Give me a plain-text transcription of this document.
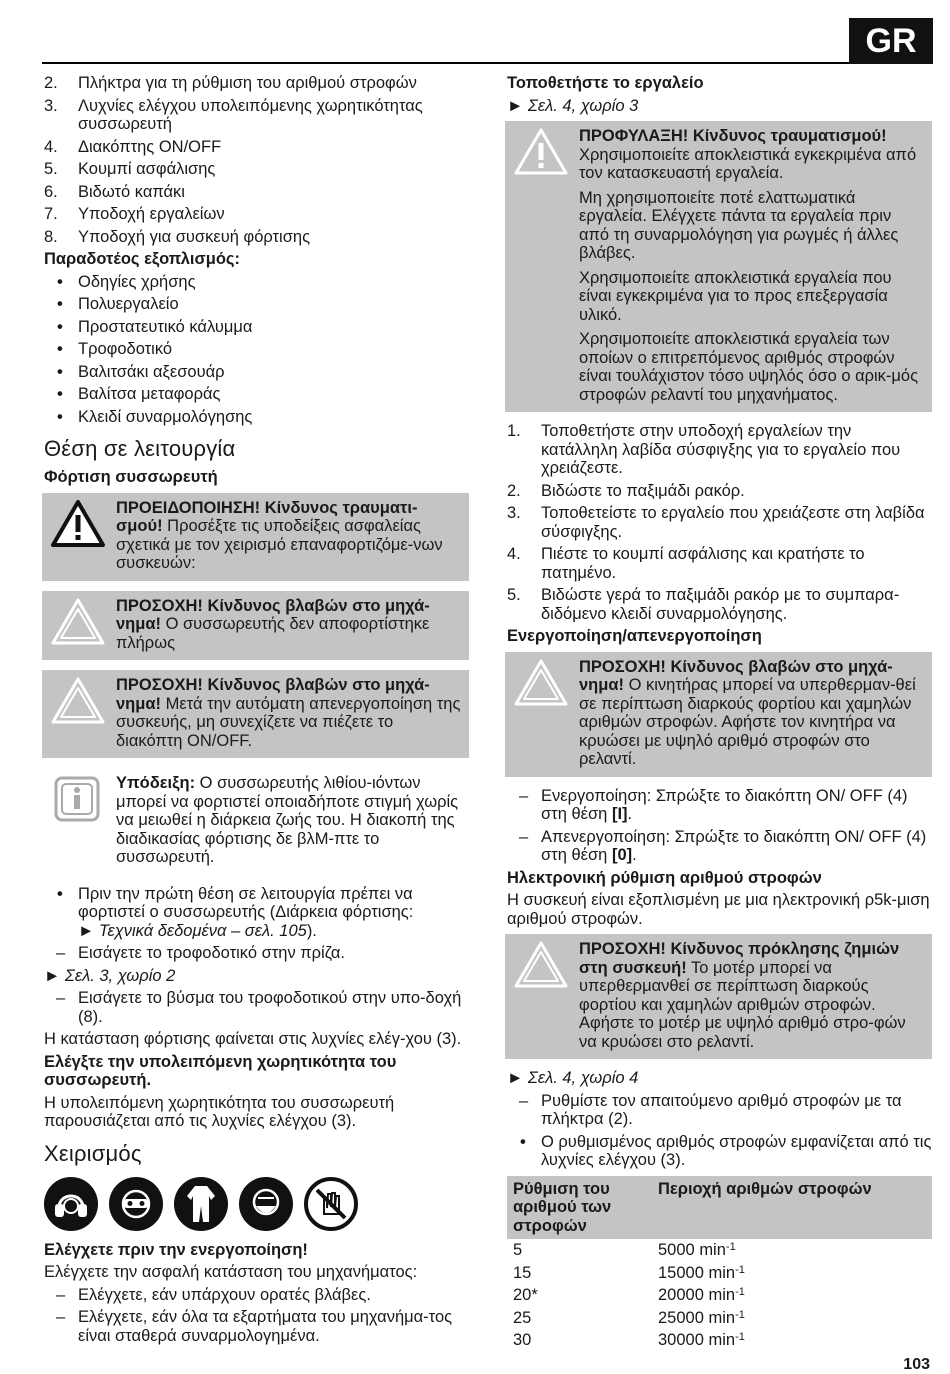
GR
2. Πλήκτρα για τη ρύθμιση του αριθμού στροφών
3. Λυχνίες ελέγχου υπολειπόμενης χωρητικότητας συσσωρευτή
4. Διακόπτης ON/OFF
5. Κουμπί ασφάλισης
6. Βιδωτό καπάκι
7. Υποδοχή εργαλείων
8. Υποδοχή για συσκευή φόρτισης
Παραδοτέος εξοπλισμός:
• Οδηγίες χρήσης
• Πολυεργαλείο
• Προστατευτικό κάλυμμα
• Τροφοδοτικό
• Βαλιτσάκι αξεσουάρ
• Βαλίτσα μεταφοράς
• Κλειδί συναρμολόγησης
Θέση σε λειτουργία
Φόρτιση συσσωρευτή
ΠΡΟΕΙΔΟΠΟΙΗΣΗ! Κίνδυνος τραυματι-σμού! Προσέξτε τις υποδείξεις ασφαλείας σχετικά με τον χειρισμό επαναφορτιζόμε-νων συσκευών:
ΠΡΟΣΟΧΗ! Κίνδυνος βλαβών στο μηχά-νημα! Ο συσσωρευτής δεν αποφορτίστηκε πλήρως
ΠΡΟΣΟΧΗ! Κίνδυνος βλαβών στο μηχά-νημα! Μετά την αυτόματη απενεργοποίηση της συσκευής, μη συνεχίζετε να πιέζετε το διακόπτη ON/OFF.
Υπόδειξη: Ο συσσωρευτής λιθίου-ιόντων μπορεί να φορτιστεί οποιαδήποτε στιγμή χωρίς να μειωθεί η διάρκεια ζωής του. Η διακοπή της διαδικασίας φόρτισης δε βλΜ-πτε το συσσωρευτή.
• Πριν την πρώτη θέση σε λειτουργία πρέπει να φορτιστεί ο συσσωρευτής (Διάρκεια φόρτισης:
► Τεχνικά δεδομένα – σελ. 105).
– Εισάγετε το τροφοδοτικό στην πρίζα.
► Σελ. 3, χωρίο 2
– Εισάγετε το βύσμα του τροφοδοτικού στην υπο-δοχή (8).

Η κατάσταση φόρτισης φαίνεται στις λυχνίες ελέγ-χου (3).

Ελέγξτε την υπολειπόμενη χωρητικότητα του συσσωρευτή.

Η υπολειπόμενη χωρητικότητα του συσσωρευτή παρουσιάζεται από τις λυχνίες ελέγχου (3).

Χειρισμός
Ελέγχετε πριν την ενεργοποίηση!

Ελέγχετε την ασφαλή κατάσταση του μηχανήματος:

– Ελέγχετε, εάν υπάρχουν ορατές βλάβες.
– Ελέγχετε, εάν όλα τα εξαρτήματα του μηχανήμα-τος είναι σταθερά συναρμολογημένα.
Τοποθετήστε το εργαλείο
► Σελ. 4, χωρίο 3
ΠΡΟΦΥΛΑΞΗ! Κίνδυνος τραυματισμού! Χρησιμοποιείτε αποκλειστικά εγκεκριμένα από τον κατασκευαστή εργαλεία.
Μη χρησιμοποιείτε ποτέ ελαττωματικά εργαλεία. Ελέγχετε πάντα τα εργαλεία πριν από τη συναρμολόγηση για ρωγμές ή άλλες βλάβες.
Χρησιμοποιείτε αποκλειστικά εργαλεία που είναι εγκεκριμένα για το προς επεξεργασία υλικό.
Χρησιμοποιείτε αποκλειστικά εργαλεία των οποίων ο επιτρεπόμενος αριθμός στροφών είναι τουλάχιστον τόσο υψηλός όσο ο αρικ-μός στροφών ρελαντί του μηχανήματος.
1. Τοποθετήστε στην υποδοχή εργαλείων την κατάλληλη λαβίδα σύσφιγξης για το εργαλείο που χρειάζεστε.
2. Βιδώστε το παξιμάδι ρακόρ.
3. Τοποθετείστε το εργαλείο που χρειάζεστε στη λαβίδα σύσφιγξης.
4. Πιέστε το κουμπί ασφάλισης και κρατήστε το πατημένο.
5. Βιδώστε γερά το παξιμάδι ρακόρ με το συμπαρα-διδόμενο κλειδί συναρμολόγησης.
Ενεργοποίηση/απενεργοποίηση
ΠΡΟΣΟΧΗ! Κίνδυνος βλαβών στο μηχά-νημα! Ο κινητήρας μπορεί να υπερθερμαν-θεί σε περίπτωση διαρκούς φορτίου και χαμηλών αριθμών στροφών. Αφήστε τον κινητήρα να κρυώσει με υψηλό αριθμό στροφών στο ρελαντί.
– Ενεργοποίηση: Σπρώξτε το διακόπτη ON/ OFF (4) στη θέση [I].
– Απενεργοποίηση: Σπρώξτε το διακόπτη ON/ OFF (4) στη θέση [0].
Ηλεκτρονική ρύθμιση αριθμού στροφών

Η συσκευή είναι εξοπλισμένη με μια ηλεκτρονική ρ5k-μιση αριθμού στροφών.

ΠΡΟΣΟΧΗ! Κίνδυνος πρόκλησης ζημιών στη συσκευή! Το μοτέρ μπορεί να υπερθερμανθεί σε περίπτωση διαρκούς φορτίου και χαμηλών αριθμών στροφών. Αφήστε το μοτέρ με υψηλό αριθμό στρο-φών να κρυώσει στο ρελαντί.
► Σελ. 4, χωρίο 4
– Ρυθμίστε τον απαιτούμενο αριθμό στροφών με τα πλήκτρα (2).
• Ο ρυθμισμένος αριθμός στροφών εμφανίζεται από τις λυχνίες ελέγχου (3).
Ρύθμιση του αριθμού των στροφών	Περιοχή αριθμών στροφών
5	5000 $\min^{-1}$
15	15000 $\min^{-1}$
20*	20000 $\min^{-1}$
25	25000 $\min^{-1}$
30	30000 $\min^{-1}$
103
